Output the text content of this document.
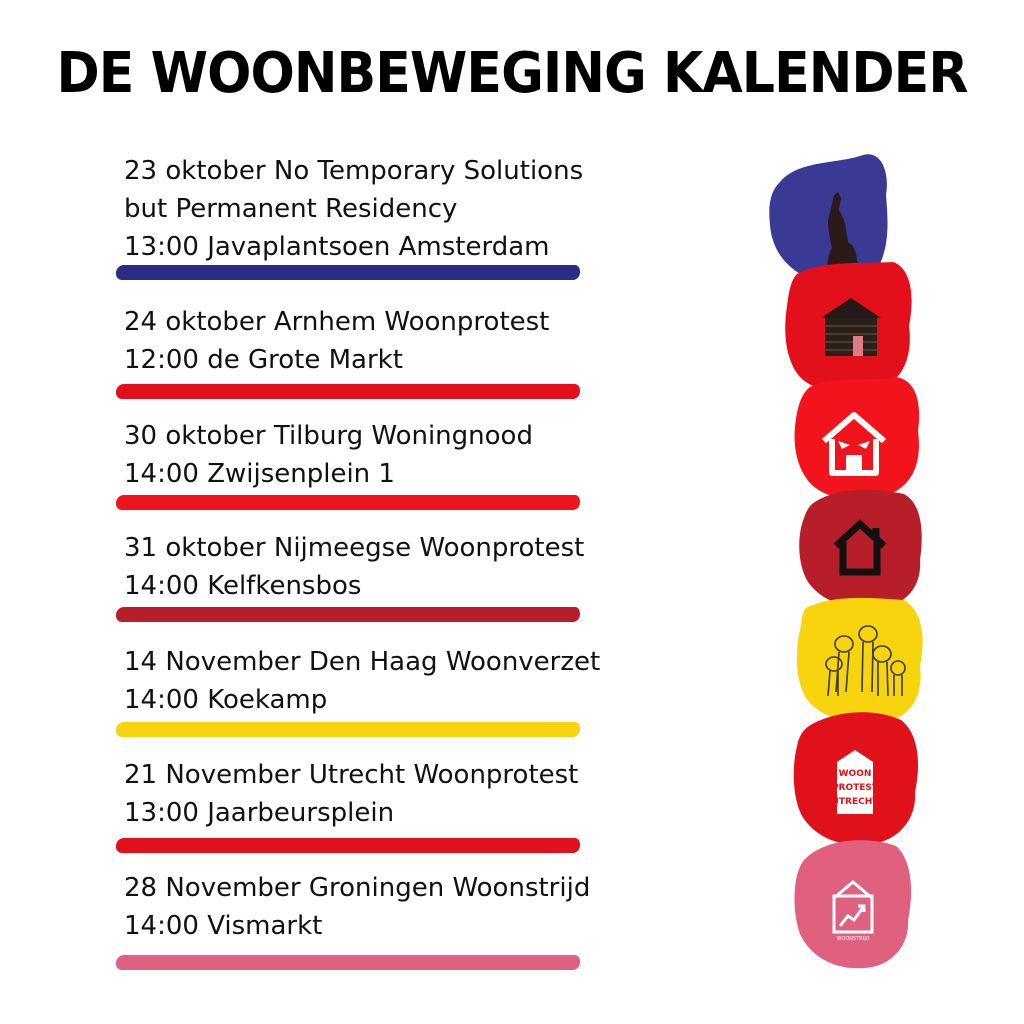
DE WOONBEWEGING KALENDER
23 oktober No Temporary Solutions
but Permanent Residency
13:00 Javaplantsoen Amsterdam
24 oktober Arnhem Woonprotest
12:00 de Grote Markt
30 oktober Tilburg Woningnood
14:00 Zwijsenplein 1
31 oktober Nijmeegse Woonprotest
14:00 Kelfkensbos
14 November Den Haag Woonverzet
14:00 Koekamp
21 November Utrecht Woonprotest
13:00 Jaarbeursplein
28 November Groningen Woonstrijd
14:00 Vismarkt
WOON
PROTEST
UTRECHT
WOONSTRIJD
